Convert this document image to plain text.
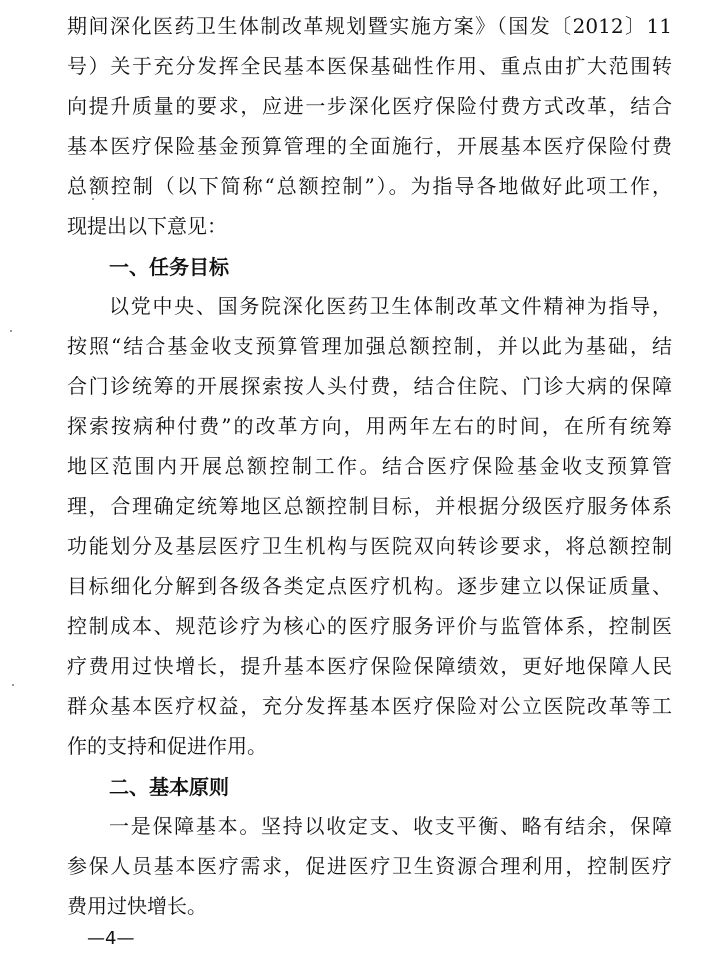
期间深化医药卫生体制改革规划暨实施方案》（国发〔2012〕11
号）关于充分发挥全民基本医保基础性作用、重点由扩大范围转
向提升质量的要求，应进一步深化医疗保险付费方式改革，结合
基本医疗保险基金预算管理的全面施行，开展基本医疗保险付费
总额控制（以下简称“总额控制”）。为指导各地做好此项工作，
现提出以下意见：
一、任务目标
以党中央、国务院深化医药卫生体制改革文件精神为指导，
按照“结合基金收支预算管理加强总额控制，并以此为基础，结
合门诊统筹的开展探索按人头付费，结合住院、门诊大病的保障
探索按病种付费”的改革方向，用两年左右的时间，在所有统筹
地区范围内开展总额控制工作。结合医疗保险基金收支预算管
理，合理确定统筹地区总额控制目标，并根据分级医疗服务体系
功能划分及基层医疗卫生机构与医院双向转诊要求，将总额控制
目标细化分解到各级各类定点医疗机构。逐步建立以保证质量、
控制成本、规范诊疗为核心的医疗服务评价与监管体系，控制医
疗费用过快增长，提升基本医疗保险保障绩效，更好地保障人民
群众基本医疗权益，充分发挥基本医疗保险对公立医院改革等工
作的支持和促进作用。
二、基本原则
一是保障基本。坚持以收定支、收支平衡、略有结余，保障
参保人员基本医疗需求，促进医疗卫生资源合理利用，控制医疗
费用过快增长。
—4—
